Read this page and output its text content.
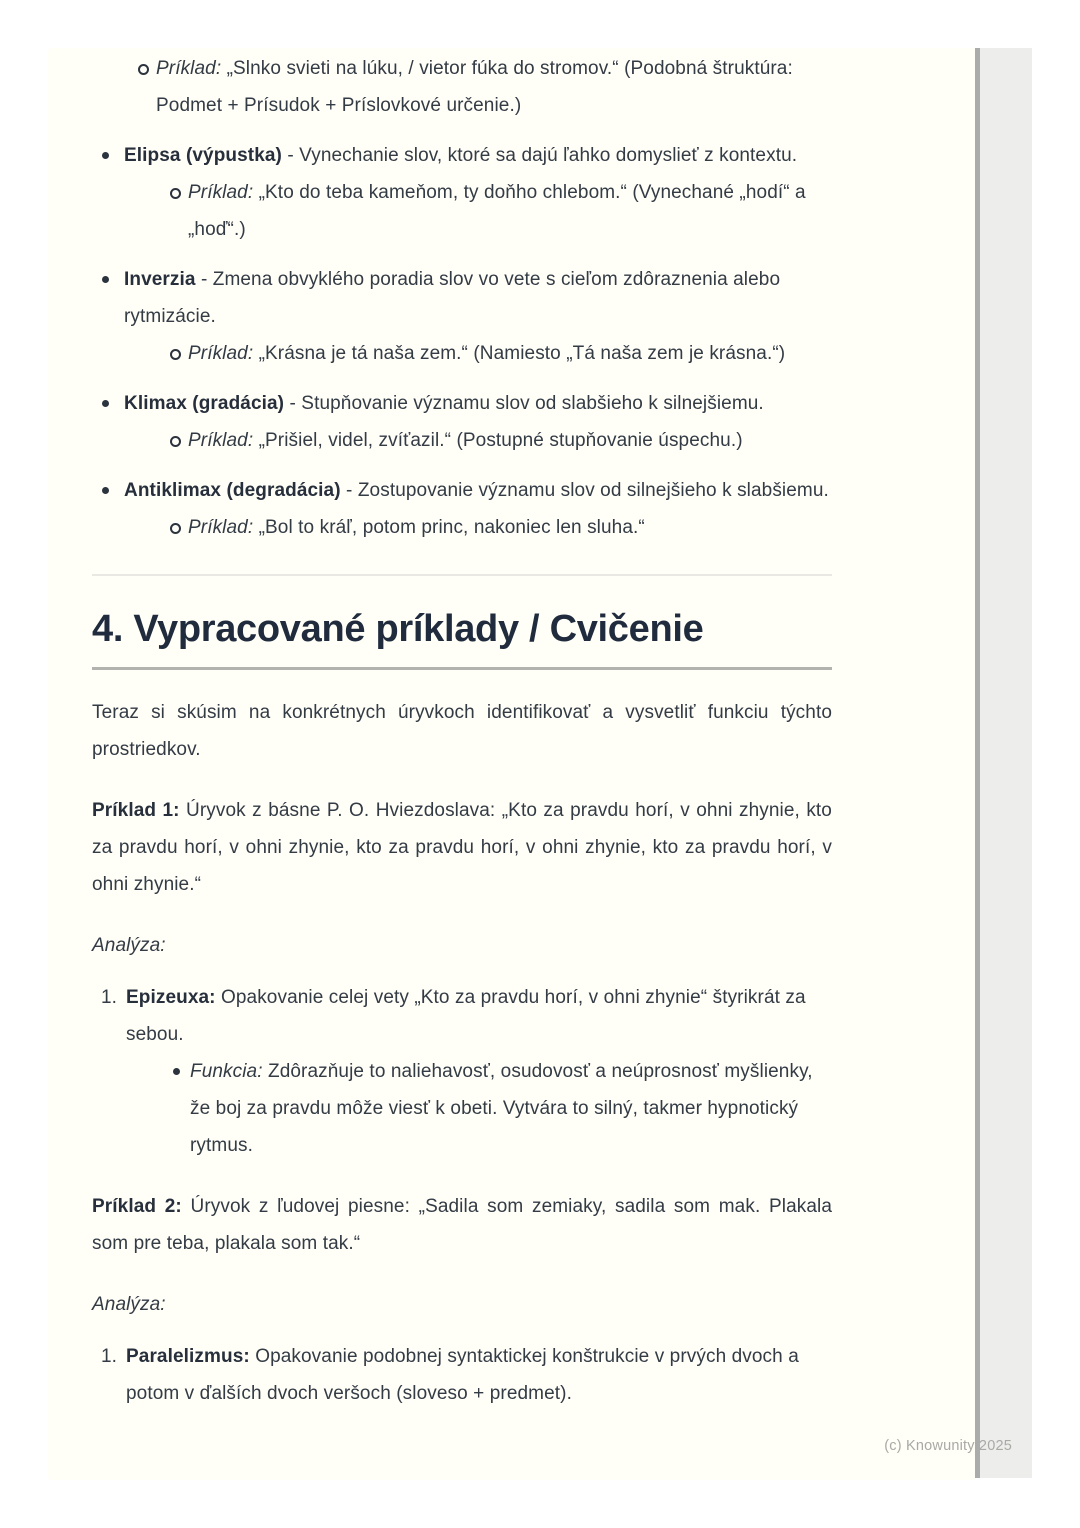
Príklad: „Slnko svieti na lúku, / vietor fúka do stromov.“ (Podobná štruktúra: Podmet + Prísudok + Príslovkové určenie.)
Elipsa (výpustka) - Vynechanie slov, ktoré sa dajú ľahko domyslieť z kontextu.
Príklad: „Kto do teba kameňom, ty doňho chlebom.“ (Vynechané „hodí“ a „hoď“.)
Inverzia - Zmena obvyklého poradia slov vo vete s cieľom zdôraznenia alebo rytmizácie.
Príklad: „Krásna je tá naša zem.“ (Namiesto „Tá naša zem je krásna.“)
Klimax (gradácia) - Stupňovanie významu slov od slabšieho k silnejšiemu.
Príklad: „Prišiel, videl, zvíťazil.“ (Postupné stupňovanie úspechu.)
Antiklimax (degradácia) - Zostupovanie významu slov od silnejšieho k slabšiemu.
Príklad: „Bol to kráľ, potom princ, nakoniec len sluha.“
4. Vypracované príklady / Cvičenie

Teraz si skúsim na konkrétnych úryvkoch identifikovať a vysvetliť funkciu týchto prostriedkov.

Príklad 1: Úryvok z básne P. O. Hviezdoslava: „Kto za pravdu horí, v ohni zhynie, kto za pravdu horí, v ohni zhynie, kto za pravdu horí, v ohni zhynie, kto za pravdu horí, v ohni zhynie.“

Analýza:

1. Epizeuxa: Opakovanie celej vety „Kto za pravdu horí, v ohni zhynie“ štyrikrát za sebou.
Funkcia: Zdôrazňuje to naliehavosť, osudovosť a neúprosnosť myšlienky, že boj za pravdu môže viesť k obeti. Vytvára to silný, takmer hypnotický rytmus.

Príklad 2: Úryvok z ľudovej piesne: „Sadila som zemiaky, sadila som mak. Plakala som pre teba, plakala som tak.“

Analýza:

1. Paralelizmus: Opakovanie podobnej syntaktickej konštrukcie v prvých dvoch a potom v ďalších dvoch veršoch (sloveso + predmet).
(c) Knowunity 2025
